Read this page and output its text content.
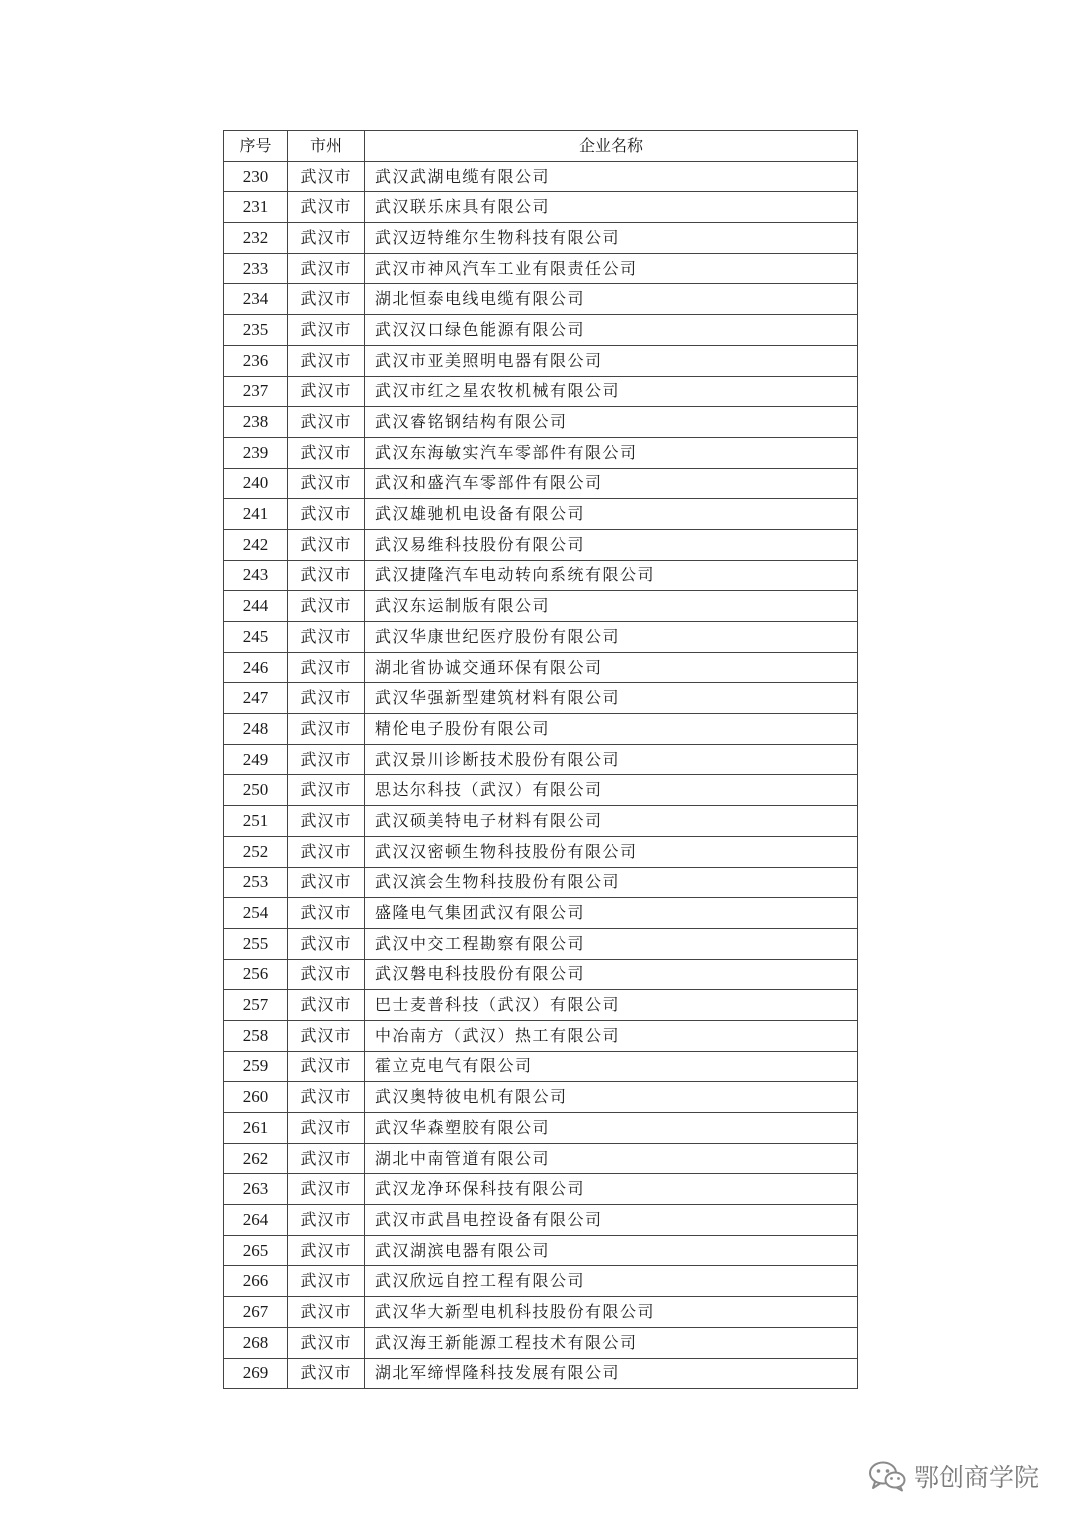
序号	市州	企业名称
230	武汉市	武汉武湖电缆有限公司
231	武汉市	武汉联乐床具有限公司
232	武汉市	武汉迈特维尔生物科技有限公司
233	武汉市	武汉市神风汽车工业有限责任公司
234	武汉市	湖北恒泰电线电缆有限公司
235	武汉市	武汉汉口绿色能源有限公司
236	武汉市	武汉市亚美照明电器有限公司
237	武汉市	武汉市红之星农牧机械有限公司
238	武汉市	武汉睿铭钢结构有限公司
239	武汉市	武汉东海敏实汽车零部件有限公司
240	武汉市	武汉和盛汽车零部件有限公司
241	武汉市	武汉雄驰机电设备有限公司
242	武汉市	武汉易维科技股份有限公司
243	武汉市	武汉捷隆汽车电动转向系统有限公司
244	武汉市	武汉东运制版有限公司
245	武汉市	武汉华康世纪医疗股份有限公司
246	武汉市	湖北省协诚交通环保有限公司
247	武汉市	武汉华强新型建筑材料有限公司
248	武汉市	精伦电子股份有限公司
249	武汉市	武汉景川诊断技术股份有限公司
250	武汉市	思达尔科技（武汉）有限公司
251	武汉市	武汉硕美特电子材料有限公司
252	武汉市	武汉汉密顿生物科技股份有限公司
253	武汉市	武汉滨会生物科技股份有限公司
254	武汉市	盛隆电气集团武汉有限公司
255	武汉市	武汉中交工程勘察有限公司
256	武汉市	武汉磐电科技股份有限公司
257	武汉市	巴士麦普科技（武汉）有限公司
258	武汉市	中冶南方（武汉）热工有限公司
259	武汉市	霍立克电气有限公司
260	武汉市	武汉奥特彼电机有限公司
261	武汉市	武汉华森塑胶有限公司
262	武汉市	湖北中南管道有限公司
263	武汉市	武汉龙净环保科技有限公司
264	武汉市	武汉市武昌电控设备有限公司
265	武汉市	武汉湖滨电器有限公司
266	武汉市	武汉欣远自控工程有限公司
267	武汉市	武汉华大新型电机科技股份有限公司
268	武汉市	武汉海王新能源工程技术有限公司
269	武汉市	湖北军缔悍隆科技发展有限公司
鄂创商学院
